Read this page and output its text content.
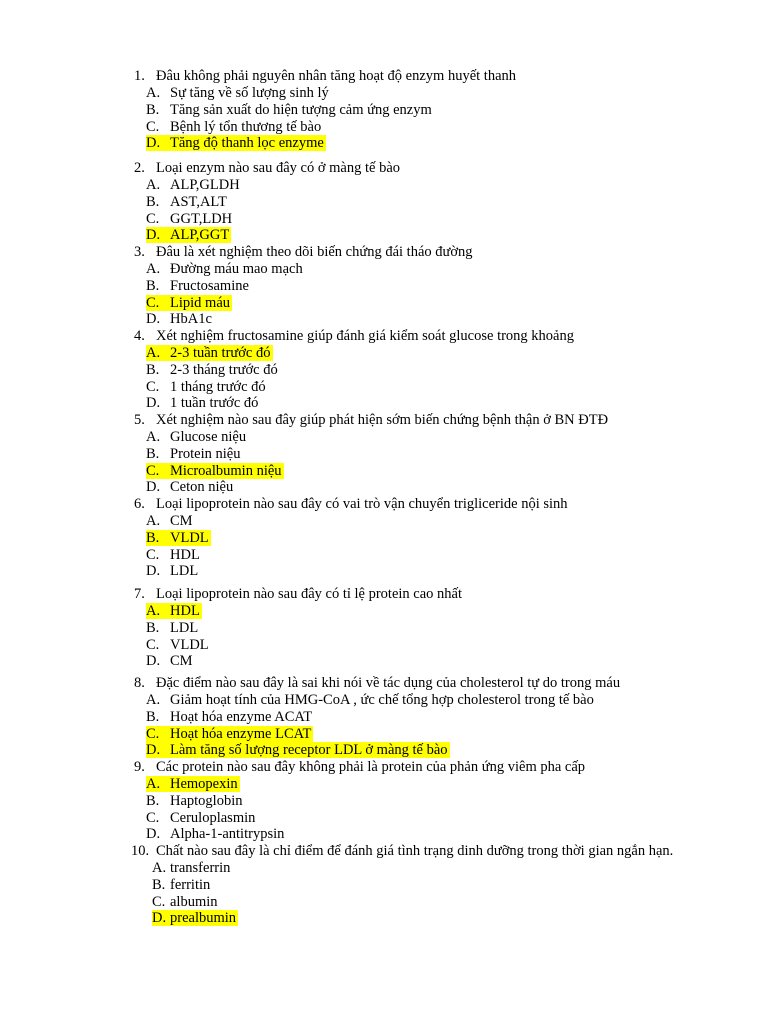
1. Đâu không phải nguyên nhân tăng hoạt độ enzym huyết thanh
A. Sự tăng về số lượng sinh lý
B. Tăng sản xuất do hiện tượng cảm ứng enzym
C. Bệnh lý tổn thương tế bào
D. Tăng độ thanh lọc enzyme
2. Loại enzym nào sau đây có ở màng tế bào
A. ALP,GLDH
B. AST,ALT
C. GGT,LDH
D. ALP,GGT
3. Đâu là xét nghiệm theo dõi biến chứng đái tháo đường
A. Đường máu mao mạch
B. Fructosamine
C. Lipid máu
D. HbA1c
4. Xét nghiệm fructosamine giúp đánh giá kiểm soát glucose trong khoảng
A. 2-3 tuần trước đó
B. 2-3 tháng trước đó
C. 1 tháng trước đó
D. 1 tuần trước đó
5. Xét nghiệm nào sau đây giúp phát hiện sớm biến chứng bệnh thận ở BN ĐTĐ
A. Glucose niệu
B. Protein niệu
C. Microalbumin niệu
D. Ceton niệu
6. Loại lipoprotein nào sau đây có vai trò vận chuyển trigliceride nội sinh
A. CM
B. VLDL
C. HDL
D. LDL
7. Loại lipoprotein nào sau đây có tỉ lệ protein cao nhất
A. HDL
B. LDL
C. VLDL
D. CM
8. Đặc điểm nào sau đây là sai khi nói về tác dụng của cholesterol tự do trong máu
A. Giảm hoạt tính của HMG-CoA , ức chế tổng hợp cholesterol trong tế bào
B. Hoạt hóa enzyme ACAT
C. Hoạt hóa enzyme LCAT
D. Làm tăng số lượng receptor LDL ở màng tế bào
9. Các protein nào sau đây không phải là protein của phản ứng viêm pha cấp
A. Hemopexin
B. Haptoglobin
C. Ceruloplasmin
D. Alpha-1-antitrypsin
10. Chất nào sau đây là chỉ điểm để đánh giá tình trạng dinh dưỡng trong thời gian ngắn hạn.
A. transferrin
B. ferritin
C. albumin
D. prealbumin
